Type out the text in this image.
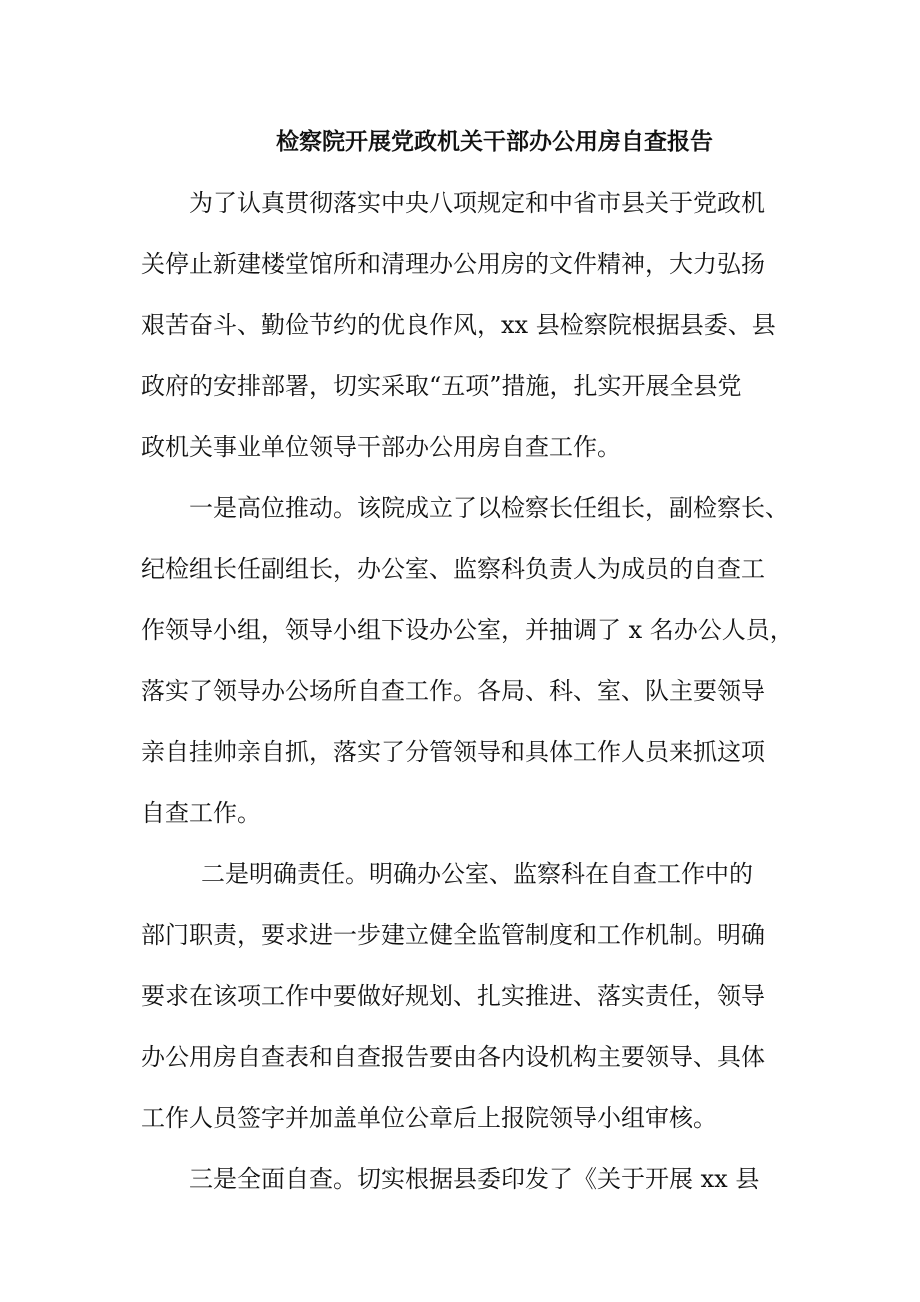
检察院开展党政机关干部办公用房自查报告

为了认真贯彻落实中央八项规定和中省市县关于党政机

关停止新建楼堂馆所和清理办公用房的文件精神，大力弘扬

艰苦奋斗、勤俭节约的优良作风，xx 县检察院根据县委、县

政府的安排部署，切实采取“五项”措施，扎实开展全县党

政机关事业单位领导干部办公用房自查工作。

一是高位推动。该院成立了以检察长任组长，副检察长、

纪检组长任副组长，办公室、监察科负责人为成员的自查工

作领导小组，领导小组下设办公室，并抽调了 x 名办公人员，

落实了领导办公场所自查工作。各局、科、室、队主要领导

亲自挂帅亲自抓，落实了分管领导和具体工作人员来抓这项

自查工作。

二是明确责任。明确办公室、监察科在自查工作中的

部门职责，要求进一步建立健全监管制度和工作机制。明确

要求在该项工作中要做好规划、扎实推进、落实责任，领导

办公用房自查表和自查报告要由各内设机构主要领导、具体

工作人员签字并加盖单位公章后上报院领导小组审核。

三是全面自查。切实根据县委印发了《关于开展 xx 县
